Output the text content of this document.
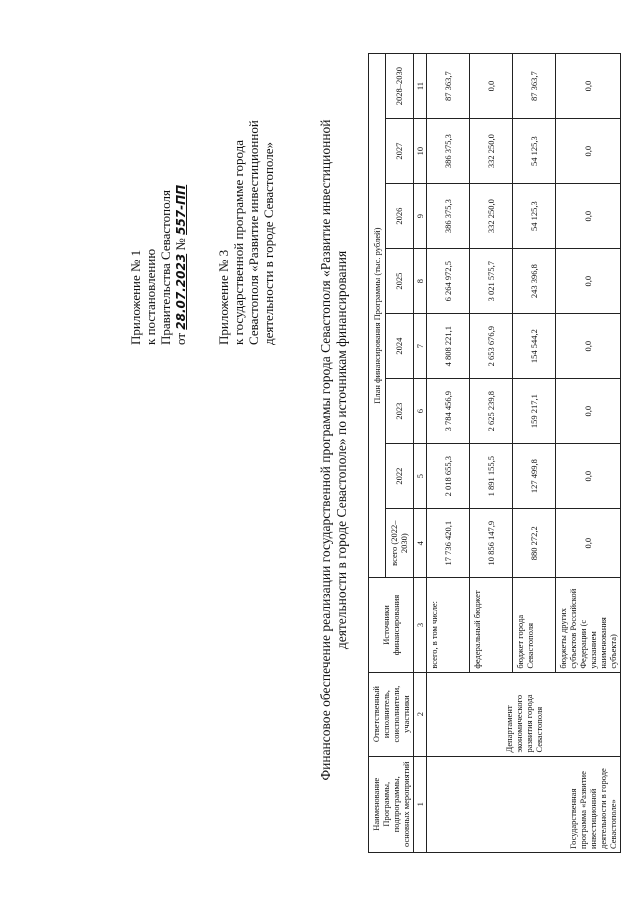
Приложение № 1 к постановлению Правительства Севастополя от 28.07.2023 № 557-ПП
Приложение № 3 к государственной программе города Севастополя «Развитие инвестиционной деятельности в городе Севастополе»	Финансовое обеспечение реализации государственной программы города Севастополя «Развитие инвестиционной деятельности в городе Севастополе» по источникам финансирования
Наименование Программы, подпрограммы, основных мероприятий	Ответственный исполнитель, соисполнители, участники	Источники финансирования	План финансирования Программы (тыс. рублей)							
			всего (2022–2030)	2022	2023	2024	2025	2026	2027	2028–2030
1	2	3	4	5	6	7	8	9	10	11
Государственная программа «Развитие инвестиционной деятельности в городе Севастополе»	Департамент экономического развития города Севастополя	всего, в том числе:	17 736 420,1	2 018 655,3	3 784 456,9	4 808 221,1	6 264 972,5	386 375,3	386 375,3	87 363,7
		федеральный бюджет	10 856 147,9	1 891 155,5	2 625 239,8	2 653 676,9	3 021 575,7	332 250,0	332 250,0	0,0
		бюджет города Севастополя	880 272,2	127 499,8	159 217,1	154 544,2	243 396,8	54 125,3	54 125,3	87 363,7
		бюджеты других субъектов Российской Федерации (с указанием наименования субъекта)	0,0	0,0	0,0	0,0	0,0	0,0	0,0	0,0
